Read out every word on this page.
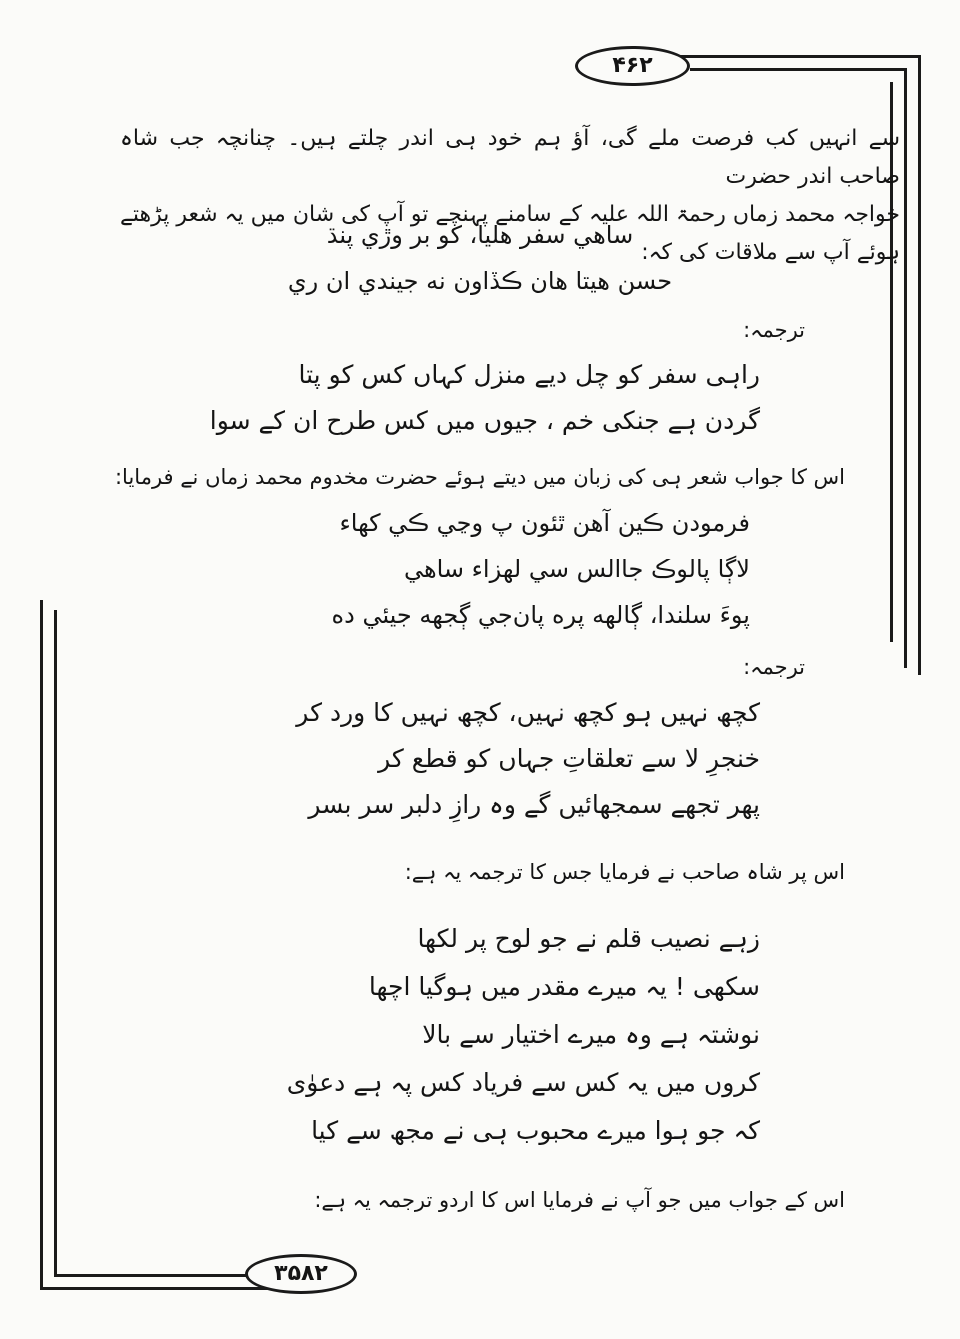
۴۶۲
سے انہیں کب فرصت ملے گی، آؤ ہم خود ہی اندر چلتے ہیں۔ چنانچہ جب شاہ صاحب اندر حضرت
خواجہ محمد زماں رحمۃ اللہ علیہ کے سامنے پہنچے تو آپ کی شان میں یہ شعر پڑھتے ہوئے آپ سے ملاقات کی کہ:
ساهي سفر هليا، کو بر وڙي پنڌ
حسن هيتا هان ڪڏاون نه جيندي ان ري
ترجمہ:
راہی سفر کو چل دیے منزل کہاں کس کو پتا
گردن ہے جنکی خم ، جیوں میں کس طرح ان کے سوا
اس کا جواب شعر ہی کی زبان میں دیتے ہوئے حضرت مخدوم محمد زماں نے فرمایا:
فرمودن ڪين آهن ٿئون پ وڃي ڪي کهاء
لاڳا پالوڪ جاالس سي لهزاء ساهي
پوءَ سلندا، ڳالهه پره پان‌جي ڳجهه جيئي ده
ترجمہ:
کچھ نہیں ہو کچھ نہیں، کچھ نہیں کا ورد کر
خنجرِ لا سے تعلقاتِ جہاں کو قطع کر
پھر تجھے سمجھائیں گے وہ رازِ دلبر سر بسر
اس پر شاہ صاحب نے فرمایا جس کا ترجمہ یہ ہے:
زہے نصیب قلم نے جو لوح پر لکھا
سکھی ! یہ میرے مقدر میں ہوگیا اچھا
نوشتہ ہے وہ میرے اختیار سے بالا
کروں میں یہ کس سے فریاد کس پہ ہے دعوٰی
کہ جو ہوا میرے محبوب ہی نے مجھ سے کیا
اس کے جواب میں جو آپ نے فرمایا اس کا اردو ترجمہ یہ ہے:
۳۵۸۲
